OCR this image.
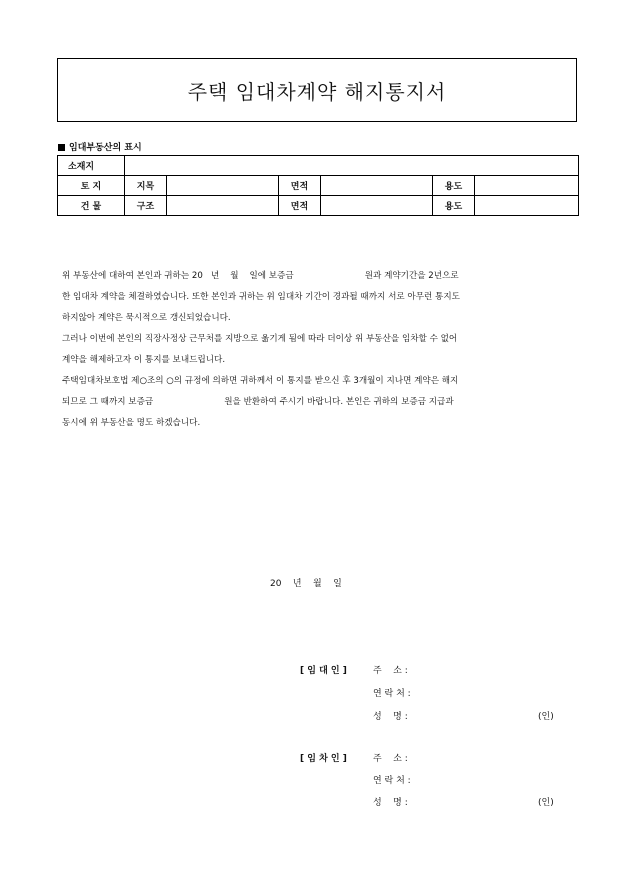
주택 임대차계약 해지통지서
임대부동산의 표시
소재지						
토 지	지목		면적		용도	
건 물	구조		면적		용도	

위 부동산에 대하여 본인과 귀하는 20   년    월    일에 보증금                          원과 계약기간을 2년으로

한 임대차 계약을 체결하였습니다. 또한 본인과 귀하는 위 임대차 기간이 경과될 때까지 서로 아무런 통지도

하지않아 계약은 묵시적으로 갱신되었습니다.

그러나 이번에 본인의 직장사정상 근무처를 지방으로 옮기게 됨에 따라 더이상 위 부동산을 임차할 수 없어

계약을 해제하고자 이 통지를 보내드립니다.

주택임대차보호법 제○조의 ○의 규정에 의하면 귀하께서 이 통지를 받으신 후 3개월이 지나면 계약은 해지

되므로 그 때까지 보증금                          원을 반환하여 주시기 바랍니다. 본인은 귀하의 보증금 지급과

동시에 위 부동산을 명도 하겠습니다.

20    년    월    일
[ 임 대 인 ]	주    소 :
연 락 처 :
성    명 :	(인)
[ 임 차 인 ]	주    소 :
연 락 처 :
성    명 :	(인)
